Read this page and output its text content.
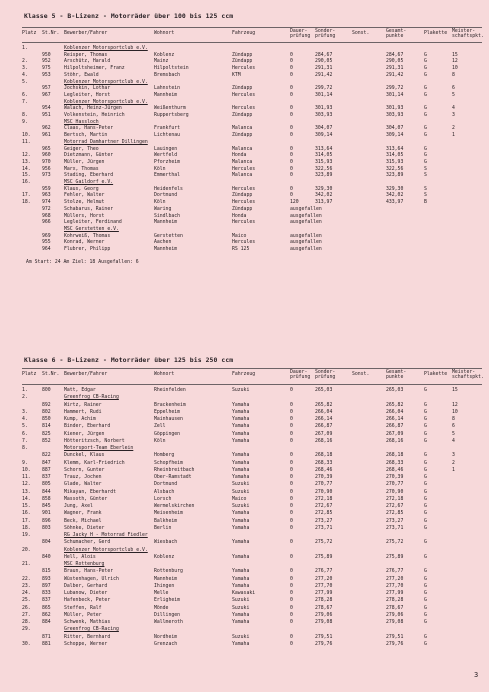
Klasse 5 - B-Lizenz - Motorräder über 100 bis 125 ccm
Platz St.Nr. Bewerber/Fahrer	Wohnort	Fahrzeug	Dauer-
prüfung
Sonder-
prüfung
Sonst.	Gesamt-
punkte
Plakette Meister-
schaftspkt.
1.	Koblenzer Motorsportclub e.V.
950	Reisper, Thomas	Koblenz	Zündapp	0	284,67	284,67	G	15
2.	952	Arschütz, Harald	Mainz	Zündapp	0	290,05	290,05	G	12
3.	975	Hilpoltsheimer, Franz	Hilpoltstein	Hercules	0	291,31	291,31	G	10
4.	953	Stöhr, Ewald	Bremsbach	KTM	0	291,42	291,42	G	8
5.	Koblenzer Motorsportclub e.V.
957	Jochskin, Lothar	Lahnstein	Zündapp	0	299,72	299,72	G	6
6.	967	Legleiter, Horst	Mannheim	Hercules	0	301,14	301,14	G	5
7.	Koblenzer Motorsportclub e.V.
954	Walach, Heinz-Jürgen	Weißenthurm	Hercules	0	301,93	301,93	G	4
8.	951	Volkenstein, Heinrich	Ruppertsberg	Zündapp	0	303,93	303,93	G	3
9.	MSC Hassloch
962	Claas, Hans-Peter	Frankfurt	Malanca	0	304,07	304,07	G	2
10. 961	Bertsch, Martin	Lichtenau	Zündapp	0	309,14	309,14	G	1
11.	Motorrad Damhartner Dillingen
965	Geiger, Theo	Lauingen	Malanca	0	313,64	313,64	G
12. 960	Dietzmann, Günter	Wertfeld	Honda	0	314,05	314,05	G
13. 970	Müller, Jürgen	Pforzheim	Malanca	0	315,93	315,93	G
14. 956	Marx, Thomas	Köln	Hercules	0	322,56	322,56	S
15. 973	Stading, Eberhard	Emmerthal	Malanca	0	323,89	323,89	S
16.	MSC Gaildorf e.V.
959	Klaus, Georg	Heidenfels	Hercules	0	329,30	329,30	S
17. 963	Fehler, Walter	Dortmund	Zündapp	0	342,02	342,02	S
18. 974	Stolze, Helmut	Köln	Hercules	120	313,97	433,97	B
972	Schabarus, Rainer	Waring	Zündapp	ausgefallen
968	Müllers, Horst	Sindlbach	Honda	ausgefallen
966	Legleiter, Ferdinand	Mannheim	Hercules	ausgefallen
MSC Gerstetten e.V.
969	Kohrweiß, Thomas	Gerstetten	Maico	ausgefallen
955	Konrad, Werner	Aachen	Hercules	ausgefallen
964	Flubrer, Philipp	Mannheim	RS 125	ausgefallen
Am Start: 24 Am Ziel: 18 Ausgefallen: 6
Klasse 6 - B-Lizenz - Motorräder über 125 bis 250 ccm
Platz St.Nr. Bewerber/Fahrer	Wohnort	Fahrzeug	Dauer-
prüfung
Sonder-
prüfung
Sonst.	Gesamt-
punkte
Plakette Meister-
schaftspkt.
1.	800	Matt, Edgar	Rheinfelden	Suzuki	0	265,03	265,03	G	15
2.	Greenfrog CB-Racing
892	Wirtz, Rainer	Brackenheim	Yamaha	0	265,82	265,82	G	12
3.	802	Hammert, Rudi	Eppelheim	Yamaha	0	266,04	266,04	G	10
4.	850	Kump, Achim	Mainhausen	Yamaha	0	266,14	266,14	G	8
5.	814	Binder, Eberhard	Zell	Yamaha	0	266,87	266,87	G	6
6.	825	Kiener, Jürgen	Göppingen	Yamaha	0	267,09	267,09	G	5
7.	852	Hötteritzsch, Norbert	Köln	Yamaha	0	268,16	268,16	G	4
8.	Motorsport-Team Eberlein
822	Dunckel, Klaus	Homberg	Yamaha	0	268,18	268,18	G	3
9.	847	Klemm, Karl-Friedrich	Schopfheim	Yamaha	0	268,33	268,33	G	2
10. 887	Schorn, Gunter	Rheinbreitbach	Yamaha	0	268,46	268,46	G	1
11. 837	Trauz, Jochen	Ober-Ramstadt	Yamaha	0	270,39	270,39	G
12. 805	Glade, Walter	Dortmund	Suzuki	0	270,77	270,77	G
13. 844	Mikayan, Eberhardt	Alsbach	Suzuki	0	270,90	270,90	G
14. 858	Massoth, Günter	Lorsch	Maico	0	272,18	272,18	G
15. 845	Jung, Axel	Wermelskirchen	Suzuki	0	272,67	272,67	G
16. 901	Wagner, Frank	Meisenheim	Yamaha	0	272,85	272,85	G
17. 896	Beck, Michael	Balkheim	Yamaha	0	273,27	273,27	G
18. 803	Söhnke, Dieter	Berlin	Yamaha	0	273,71	273,71	G
19.	RG Jacky H - Motorrad Fiedler
804	Schumacher, Gerd	Wiesbach	Yamaha	0	275,72	275,72	G
20.	Koblenzer Motorsportclub e.V.
840	Hell, Alois	Koblenz	Yamaha	0	275,89	275,89	G
21.	MSC Rottenburg
815	Braun, Hans-Peter	Rottenburg	Yamaha	0	276,77	276,77	G
22. 893	Wüstenhagen, Ulrich	Mannheim	Yamaha	0	277,20	277,20	G
23. 897	Dalber, Gerhard	Ihingen	Yamaha	0	277,70	277,70	G
24. 833	Lubanow, Dieter	Melle	Kawasaki	0	277,99	277,99	G
25. 837	Hafenbeck, Peter	Erligheim	Suzuki	0	278,28	278,28	G
26. 865	Steffen, Ralf	Mönde	Suzuki	0	278,67	278,67	G
27. 862	Müller, Peter	Dillingen	Yamaha	0	279,06	279,06	G
28. 884	Schwenk, Mathias	Wallmeroth	Yamaha	0	279,08	279,08	G
29.	Greenfrog CB-Racing
871	Ritter, Bernhard	Nordheim	Suzuki	0	279,51	279,51	G
30. 881	Schoppe, Werner	Grenzach	Yamaha	0	279,76	279,76	G
3
